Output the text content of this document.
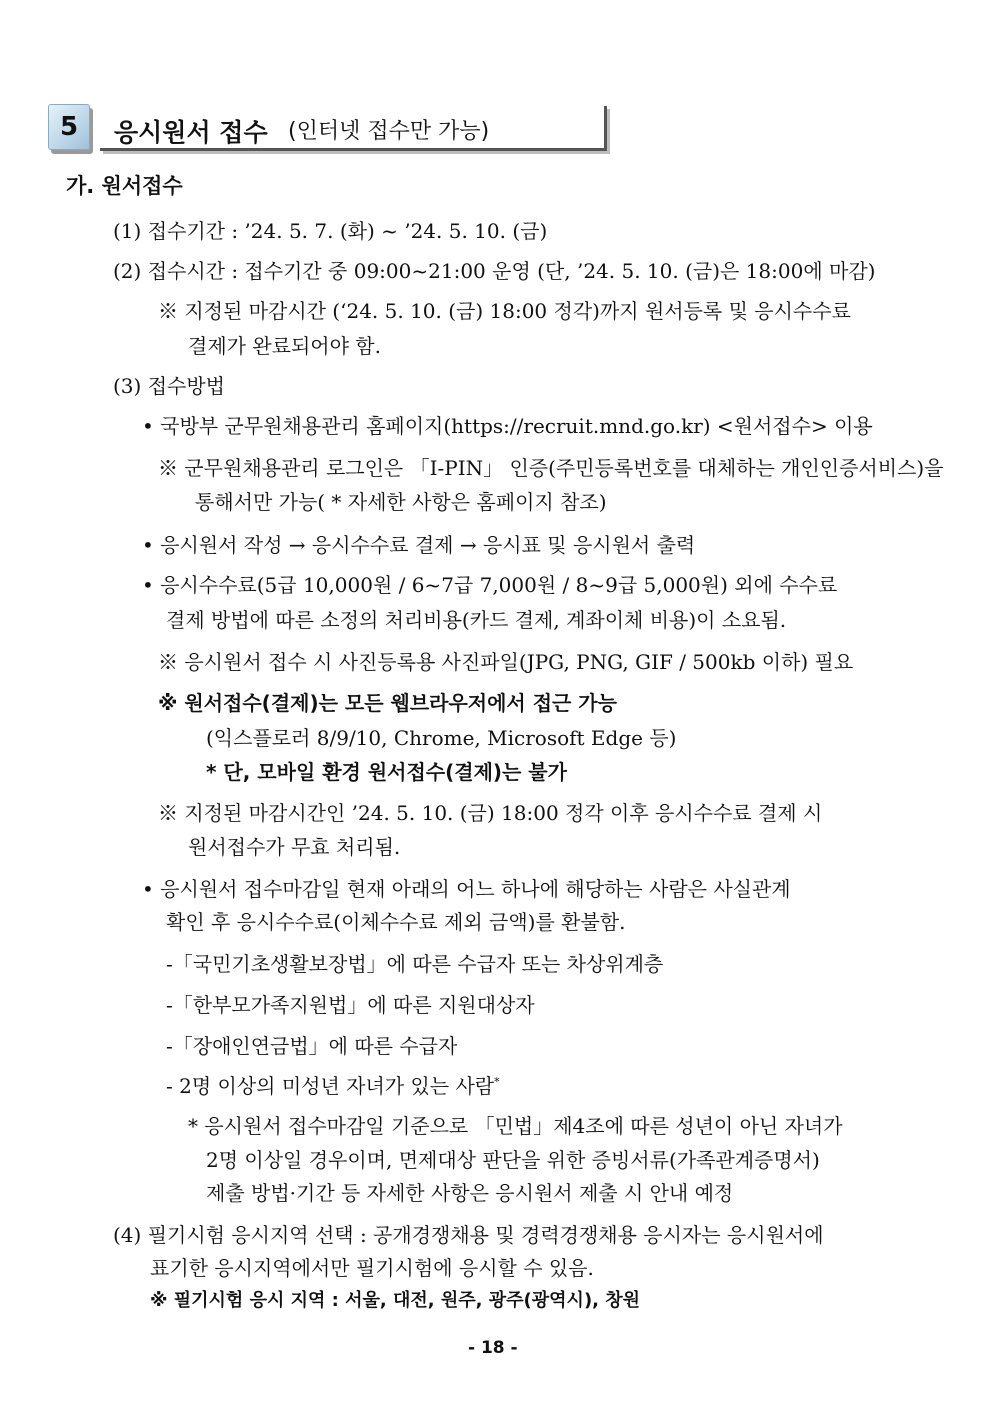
5	응시원서 접수 (인터넷 접수만 가능)
가. 원서접수
(1) 접수기간 : ’24. 5. 7. (화) ~ ’24. 5. 10. (금)
(2) 접수시간 : 접수기간 중 09:00~21:00 운영 (단, ’24. 5. 10. (금)은 18:00에 마감)
※ 지정된 마감시간 (‘24. 5. 10. (금) 18:00 정각)까지 원서등록 및 응시수수료
결제가 완료되어야 함.
(3) 접수방법
• 국방부 군무원채용관리 홈페이지(https://recruit.mnd.go.kr) <원서접수> 이용
※ 군무원채용관리 로그인은 「I-PIN」 인증(주민등록번호를 대체하는 개인인증서비스)을
통해서만 가능( * 자세한 사항은 홈페이지 참조)
• 응시원서 작성 → 응시수수료 결제 → 응시표 및 응시원서 출력
• 응시수수료(5급 10,000원 / 6~7급 7,000원 / 8~9급 5,000원) 외에 수수료
결제 방법에 따른 소정의 처리비용(카드 결제, 계좌이체 비용)이 소요됨.
※ 응시원서 접수 시 사진등록용 사진파일(JPG, PNG, GIF / 500kb 이하) 필요
※ 원서접수(결제)는 모든 웹브라우저에서 접근 가능
(익스플로러 8/9/10, Chrome, Microsoft Edge 등)
* 단, 모바일 환경 원서접수(결제)는 불가
※ 지정된 마감시간인 ’24. 5. 10. (금) 18:00 정각 이후 응시수수료 결제 시
원서접수가 무효 처리됨.
• 응시원서 접수마감일 현재 아래의 어느 하나에 해당하는 사람은 사실관계
확인 후 응시수수료(이체수수료 제외 금액)를 환불함.
-「국민기초생활보장법」에 따른 수급자 또는 차상위계층
-「한부모가족지원법」에 따른 지원대상자
-「장애인연금법」에 따른 수급자
- 2명 이상의 미성년 자녀가 있는 사람*
* 응시원서 접수마감일 기준으로 「민법」제4조에 따른 성년이 아닌 자녀가
2명 이상일 경우이며, 면제대상 판단을 위한 증빙서류(가족관계증명서)
제출 방법·기간 등 자세한 사항은 응시원서 제출 시 안내 예정
(4) 필기시험 응시지역 선택 : 공개경쟁채용 및 경력경쟁채용 응시자는 응시원서에
표기한 응시지역에서만 필기시험에 응시할 수 있음.
※ 필기시험 응시 지역 : 서울, 대전, 원주, 광주(광역시), 창원
- 18 -
